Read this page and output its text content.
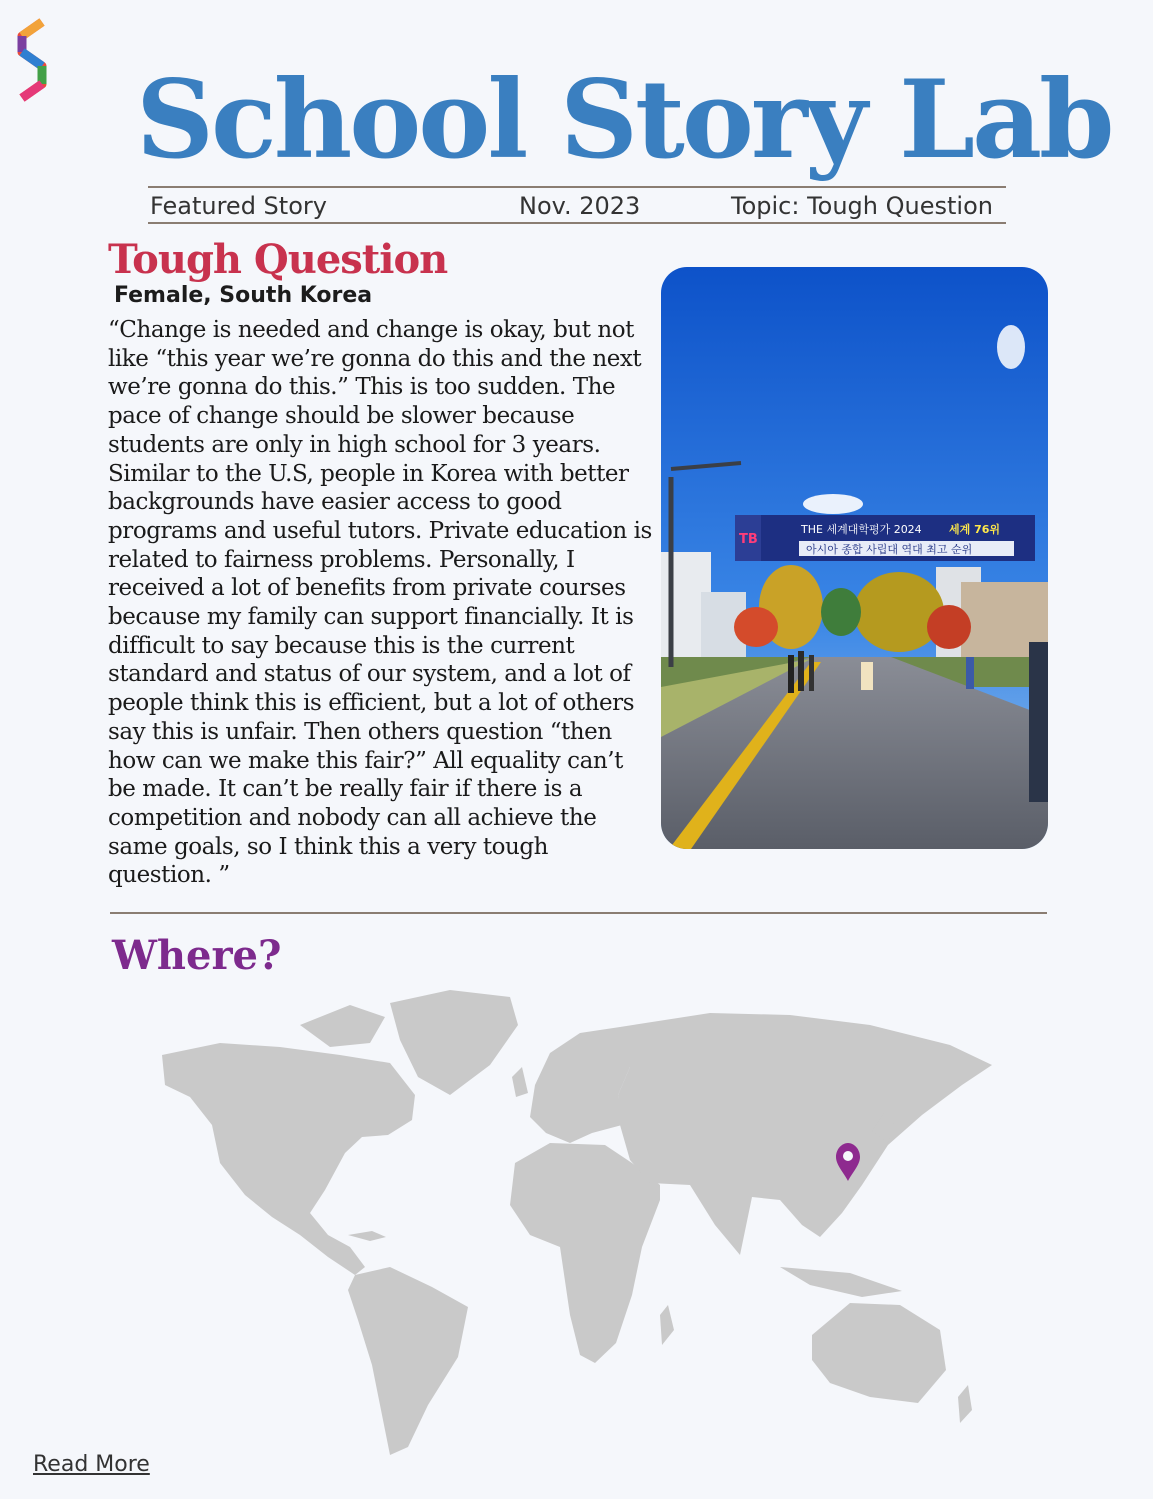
School Story Lab
Featured Story	Nov. 2023	Topic: Tough Question
Tough Question
Female, South Korea

“Change is needed and change is okay, but not like “this year we’re gonna do this and the next we’re gonna do this.” This is too sudden. The pace of change should be slower because students are only in high school for 3 years. Similar to the U.S, people in Korea with better backgrounds have easier access to good programs and useful tutors. Private education is related to fairness problems. Personally, I received a lot of benefits from private courses because my family can support financially. It is difficult to say because this is the current standard and status of our system, and a lot of people think this is efficient, but a lot of others say this is unfair. Then others question “then how can we make this fair?” All equality can’t be made. It can’t be really fair if there is a competition and nobody can all achieve the same goals, so I think this a very tough question. ”

TB
THE 세계대학평가 2024 세계 76위
아시아 종합 사립대 역대 최고 순위
Where?
Read More
